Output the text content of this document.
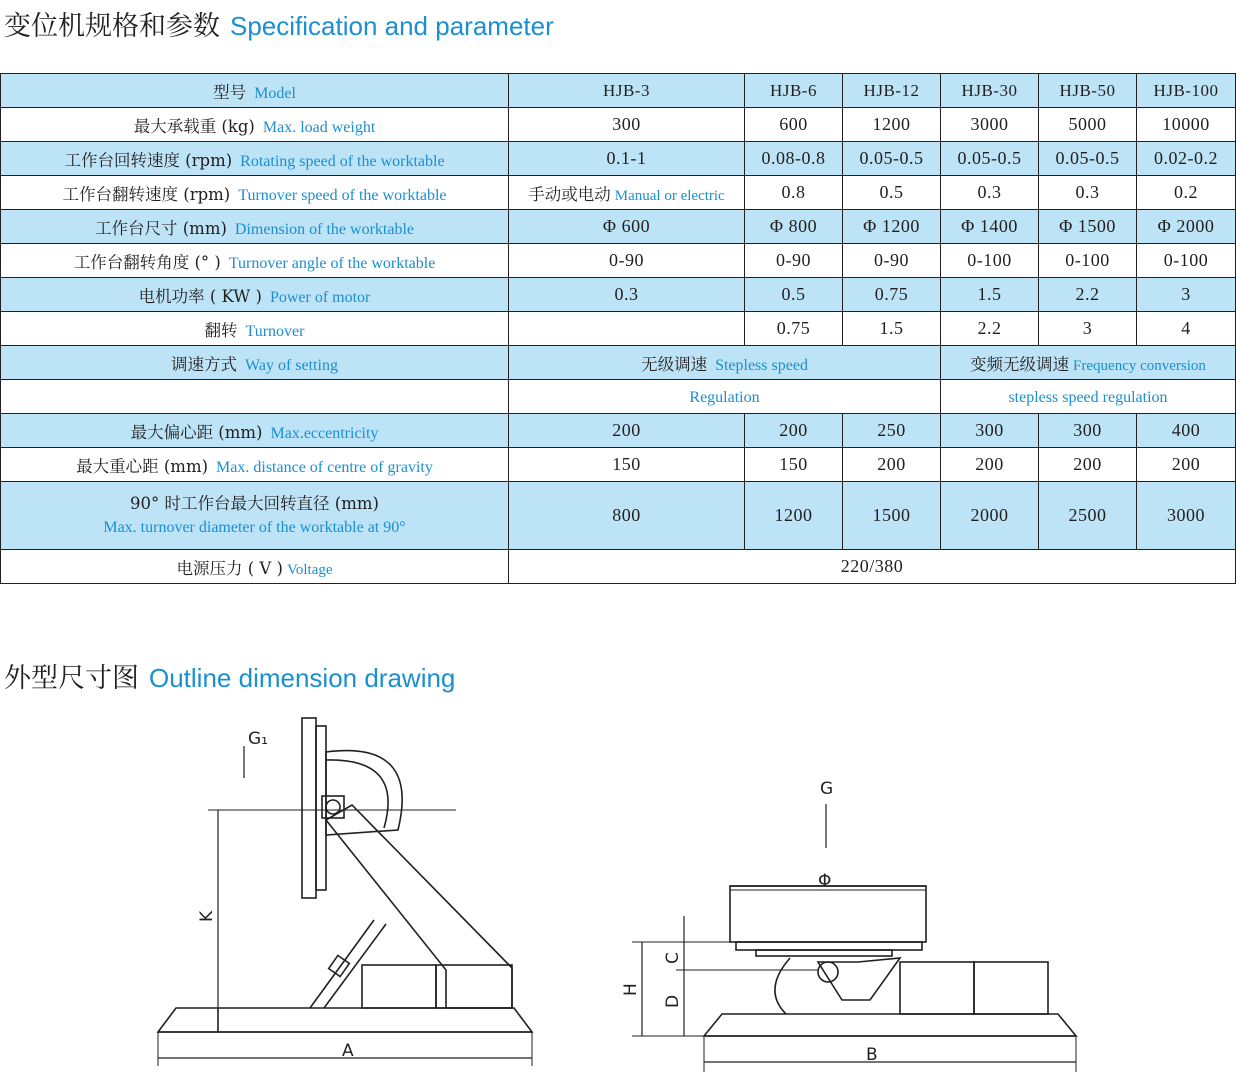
变位机规格和参数 Specification and parameter
型号 Model	HJB-3	HJB-6	HJB-12	HJB-30	HJB-50	HJB-100
最大承载重 (kg) Max. load weight	300	600	1200	3000	5000	10000
工作台回转速度 (rpm) Rotating speed of the worktable	0.1-1	0.08-0.8	0.05-0.5	0.05-0.5	0.05-0.5	0.02-0.2
工作台翻转速度 (rpm) Turnover speed of the worktable	手动或电动 Manual or electric	0.8	0.5	0.3	0.3	0.2
工作台尺寸 (mm) Dimension of the worktable	Φ 600	Φ 800	Φ 1200	Φ 1400	Φ 1500	Φ 2000
工作台翻转角度 (° ) Turnover angle of the worktable	0-90	0-90	0-90	0-100	0-100	0-100
电机功率 ( KW ) Power of motor	0.3	0.5	0.75	1.5	2.2	3
翻转 Turnover		0.75	1.5	2.2	3	4
调速方式 Way of setting	无级调速 Stepless speed			变频无级调速 Frequency conversion		
	Regulation			stepless speed regulation		
最大偏心距 (mm) Max.eccentricity	200	200	250	300	300	400
最大重心距 (mm) Max. distance of centre of gravity	150	150	200	200	200	200

90° 时工作台最大回转直径 (mm)
Max. turnover diameter of the worktable at 90°	800	1200	1500	2000	2500	3000
电源压力 ( V ) Voltage	220/380					
外型尺寸图 Outline dimension drawing
G₁
K
A
G
Φ
H
C
D
B
